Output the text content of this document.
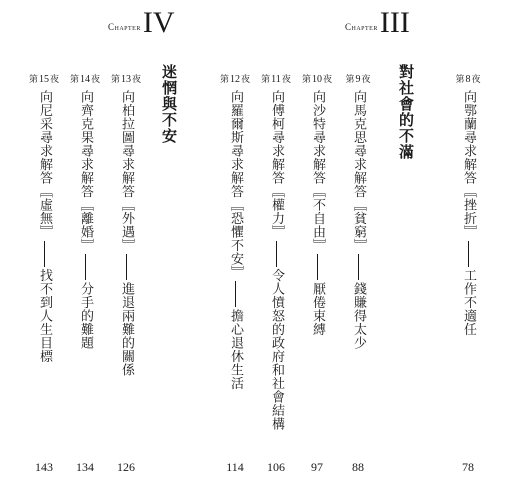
Chapter IV	Chapter III
迷惘與不安	對社會的不滿
第15夜
向尼采尋求解答〚虛無〛找不到人生目標
143
第14夜
向齊克果尋求解答〚離婚〛分手的難題
134
第13夜
向柏拉圖尋求解答〚外遇〛進退兩難的關係
126
第12夜
向羅爾斯尋求解答〚恐懼不安〛擔心退休生活
114
第11夜
向傅柯尋求解答〚權力〛令人憤怒的政府和社會結構
106
第10夜
向沙特尋求解答〚不自由〛厭倦束縛
97
第9夜
向馬克思尋求解答〚貧窮〛錢賺得太少
88
第8夜
向鄂蘭尋求解答〚挫折〛工作不適任
78
